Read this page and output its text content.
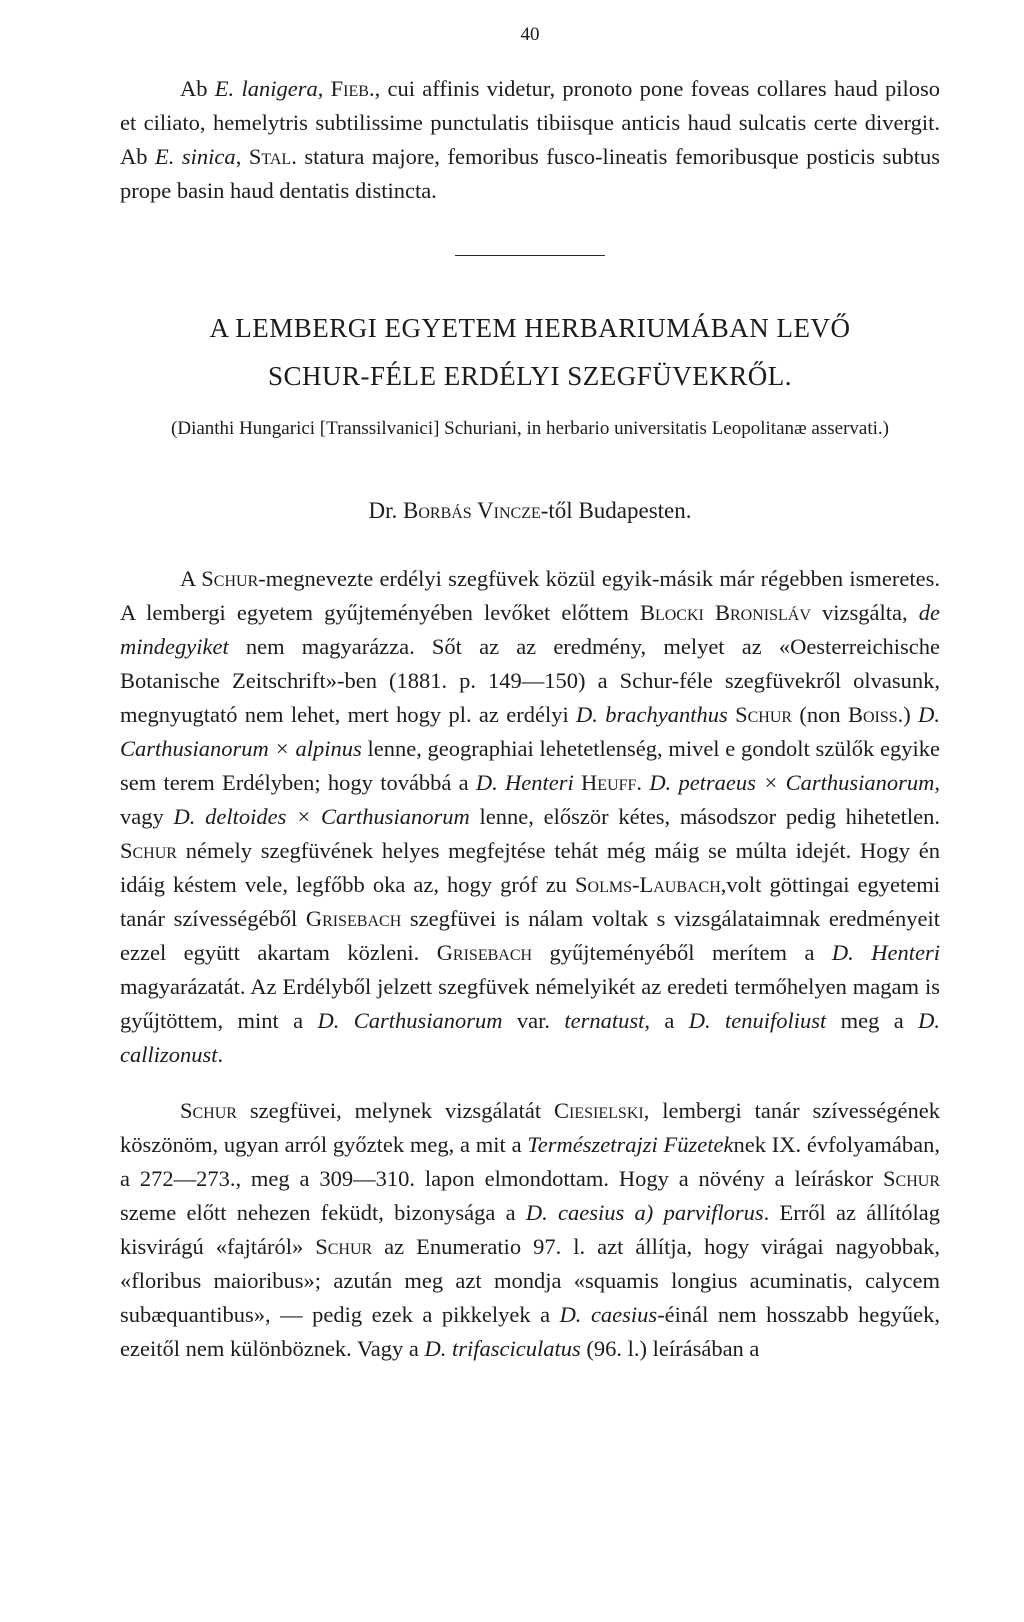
40

Ab E. lanigera, Fieb., cui affinis videtur, pronoto pone foveas collares haud piloso et ciliato, hemelytris subtilissime punctulatis tibiisque anticis haud sulcatis certe divergit. Ab E. sinica, Stal. statura majore, femoribus fusco-lineatis femoribusque posticis subtus prope basin haud dentatis distincta.

A LEMBERGI EGYETEM HERBARIUMÁBAN LEVŐ
SCHUR-FÉLE ERDÉLYI SZEGFÜVEKRŐL.

(Dianthi Hungarici [Transsilvanici] Schuriani, in herbario universitatis Leopolitanæ asservati.)

Dr. Borbás Vincze-től Budapesten.

A Schur-megnevezte erdélyi szegfüvek közül egyik-másik már régebben ismeretes. A lembergi egyetem gyűjteményében levőket előttem Blocki Bronisláv vizsgálta, de mindegyiket nem magyarázza. Sőt az az eredmény, melyet az «Oesterreichische Botanische Zeitschrift»-ben (1881. p. 149—150) a Schur-féle szegfüvekről olvasunk, megnyugtató nem lehet, mert hogy pl. az erdélyi D. brachyanthus Schur (non Boiss.) D. Carthusianorum × alpinus lenne, geographiai lehetetlenség, mivel e gondolt szülők egyike sem terem Erdélyben; hogy továbbá a D. Henteri Heuff. D. petraeus × Carthusianorum, vagy D. deltoides × Carthusianorum lenne, először kétes, másodszor pedig hihetetlen. Schur némely szegfüvének helyes megfejtése tehát még máig se múlta idejét. Hogy én idáig késtem vele, legfőbb oka az, hogy gróf zu Solms-Laubach,volt göttingai egyetemi tanár szívességéből Grisebach szegfüvei is nálam voltak s vizsgálataimnak eredményeit ezzel együtt akartam közleni. Grisebach gyűjteményéből merítem a D. Henteri magyarázatát. Az Erdélyből jelzett szegfüvek némelyikét az eredeti termőhelyen magam is gyűjtöttem, mint a D. Carthusianorum var. ternatust, a D. tenuifoliust meg a D. callizonust.

Schur szegfüvei, melynek vizsgálatát Ciesielski, lembergi tanár szívességének köszönöm, ugyan arról győztek meg, a mit a Természetrajzi Füzeteknek IX. évfolyamában, a 272—273., meg a 309—310. lapon elmondottam. Hogy a növény a leíráskor Schur szeme előtt nehezen feküdt, bizonysága a D. caesius a) parviflorus. Erről az állítólag kisvirágú «fajtáról» Schur az Enumeratio 97. l. azt állítja, hogy virágai nagyobbak, «floribus maioribus»; azután meg azt mondja «squamis longius acuminatis, calycem subæquantibus», — pedig ezek a pikkelyek a D. caesius-éinál nem hosszabb hegyűek, ezeitől nem különböznek. Vagy a D. trifasciculatus (96. l.) leírásában a
